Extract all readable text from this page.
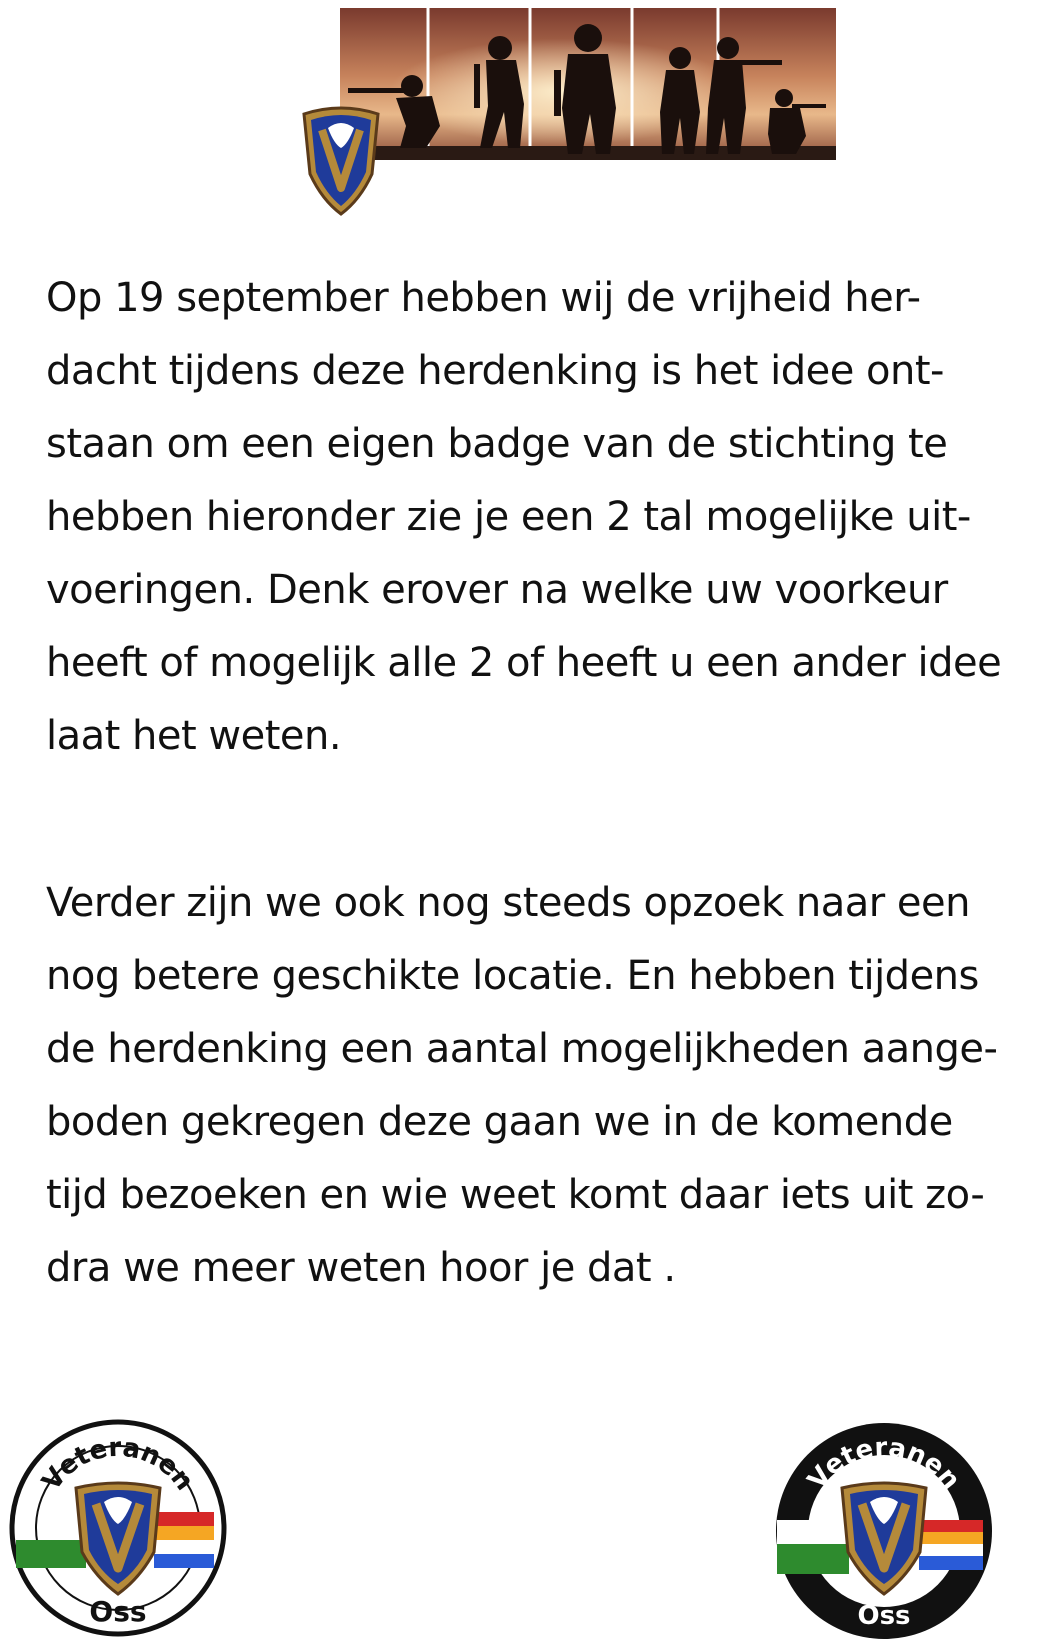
Op 19 september hebben wij de vrijheid her-
dacht tijdens deze herdenking is het idee ont-
staan om een eigen badge van de stichting te
hebben hieronder zie je een 2 tal mogelijke uit-
voeringen. Denk erover na welke uw voorkeur
heeft of mogelijk alle 2 of heeft u een ander idee
laat het weten.
Verder zijn we ook nog steeds opzoek naar een
nog betere geschikte locatie. En hebben tijdens
de herdenking een aantal mogelijkheden aange-
boden gekregen deze gaan we in de komende
tijd bezoeken en wie weet komt daar iets uit zo-
dra we meer weten hoor je dat .
Veteranen
Oss
Veteranen
Oss
